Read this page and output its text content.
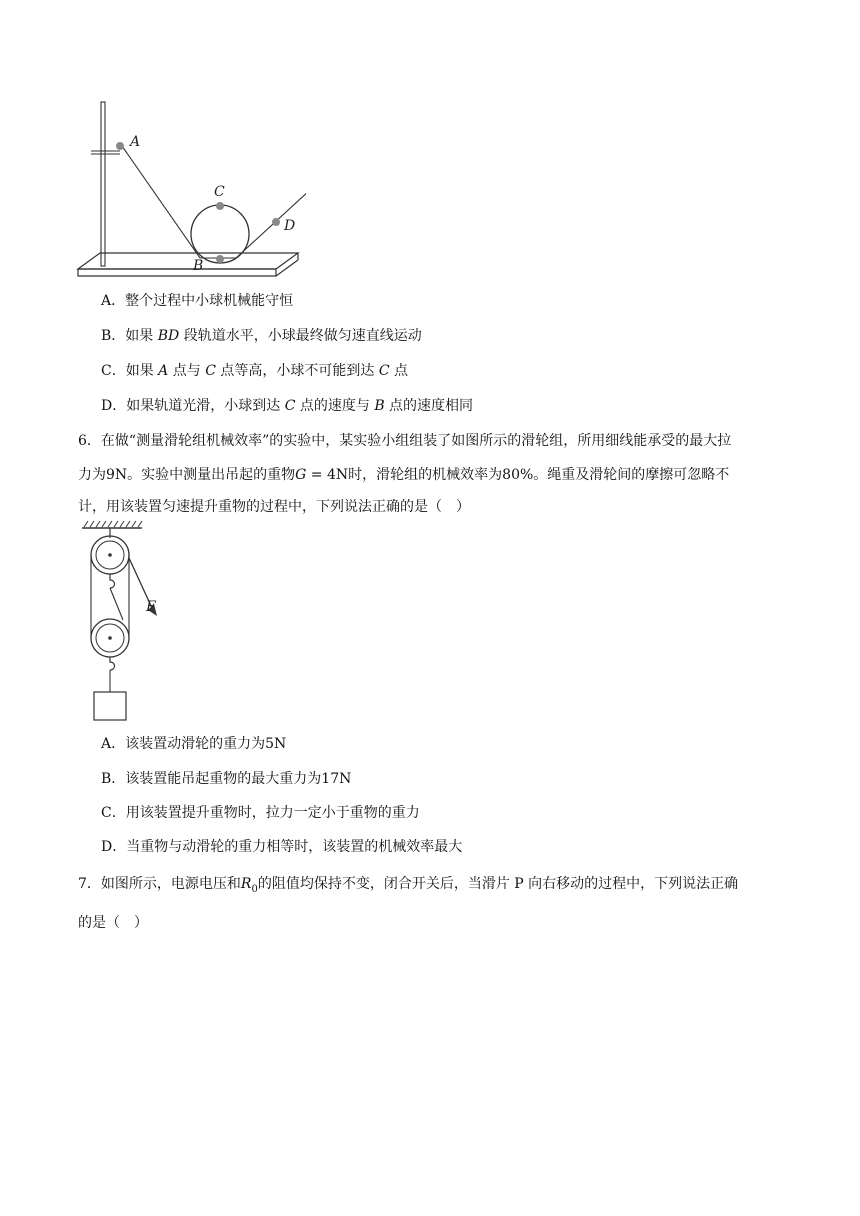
A
C
B
D
A．整个过程中小球机械能守恒
B．如果 BD 段轨道水平，小球最终做匀速直线运动
C．如果 A 点与 C 点等高，小球不可能到达 C 点
D．如果轨道光滑，小球到达 C 点的速度与 B 点的速度相同
6．在做“测量滑轮组机械效率”的实验中，某实验小组组装了如图所示的滑轮组，所用细线能承受的最大拉
力为9N。实验中测量出吊起的重物G = 4N时，滑轮组的机械效率为80%。绳重及滑轮间的摩擦可忽略不
计，用该装置匀速提升重物的过程中，下列说法正确的是（　）
F
A．该装置动滑轮的重力为5N
B．该装置能吊起重物的最大重力为17N
C．用该装置提升重物时，拉力一定小于重物的重力
D．当重物与动滑轮的重力相等时，该装置的机械效率最大
7．如图所示，电源电压和$R_0$的阻值均保持不变，闭合开关后，当滑片 P 向右移动的过程中，下列说法正确
的是（　）
